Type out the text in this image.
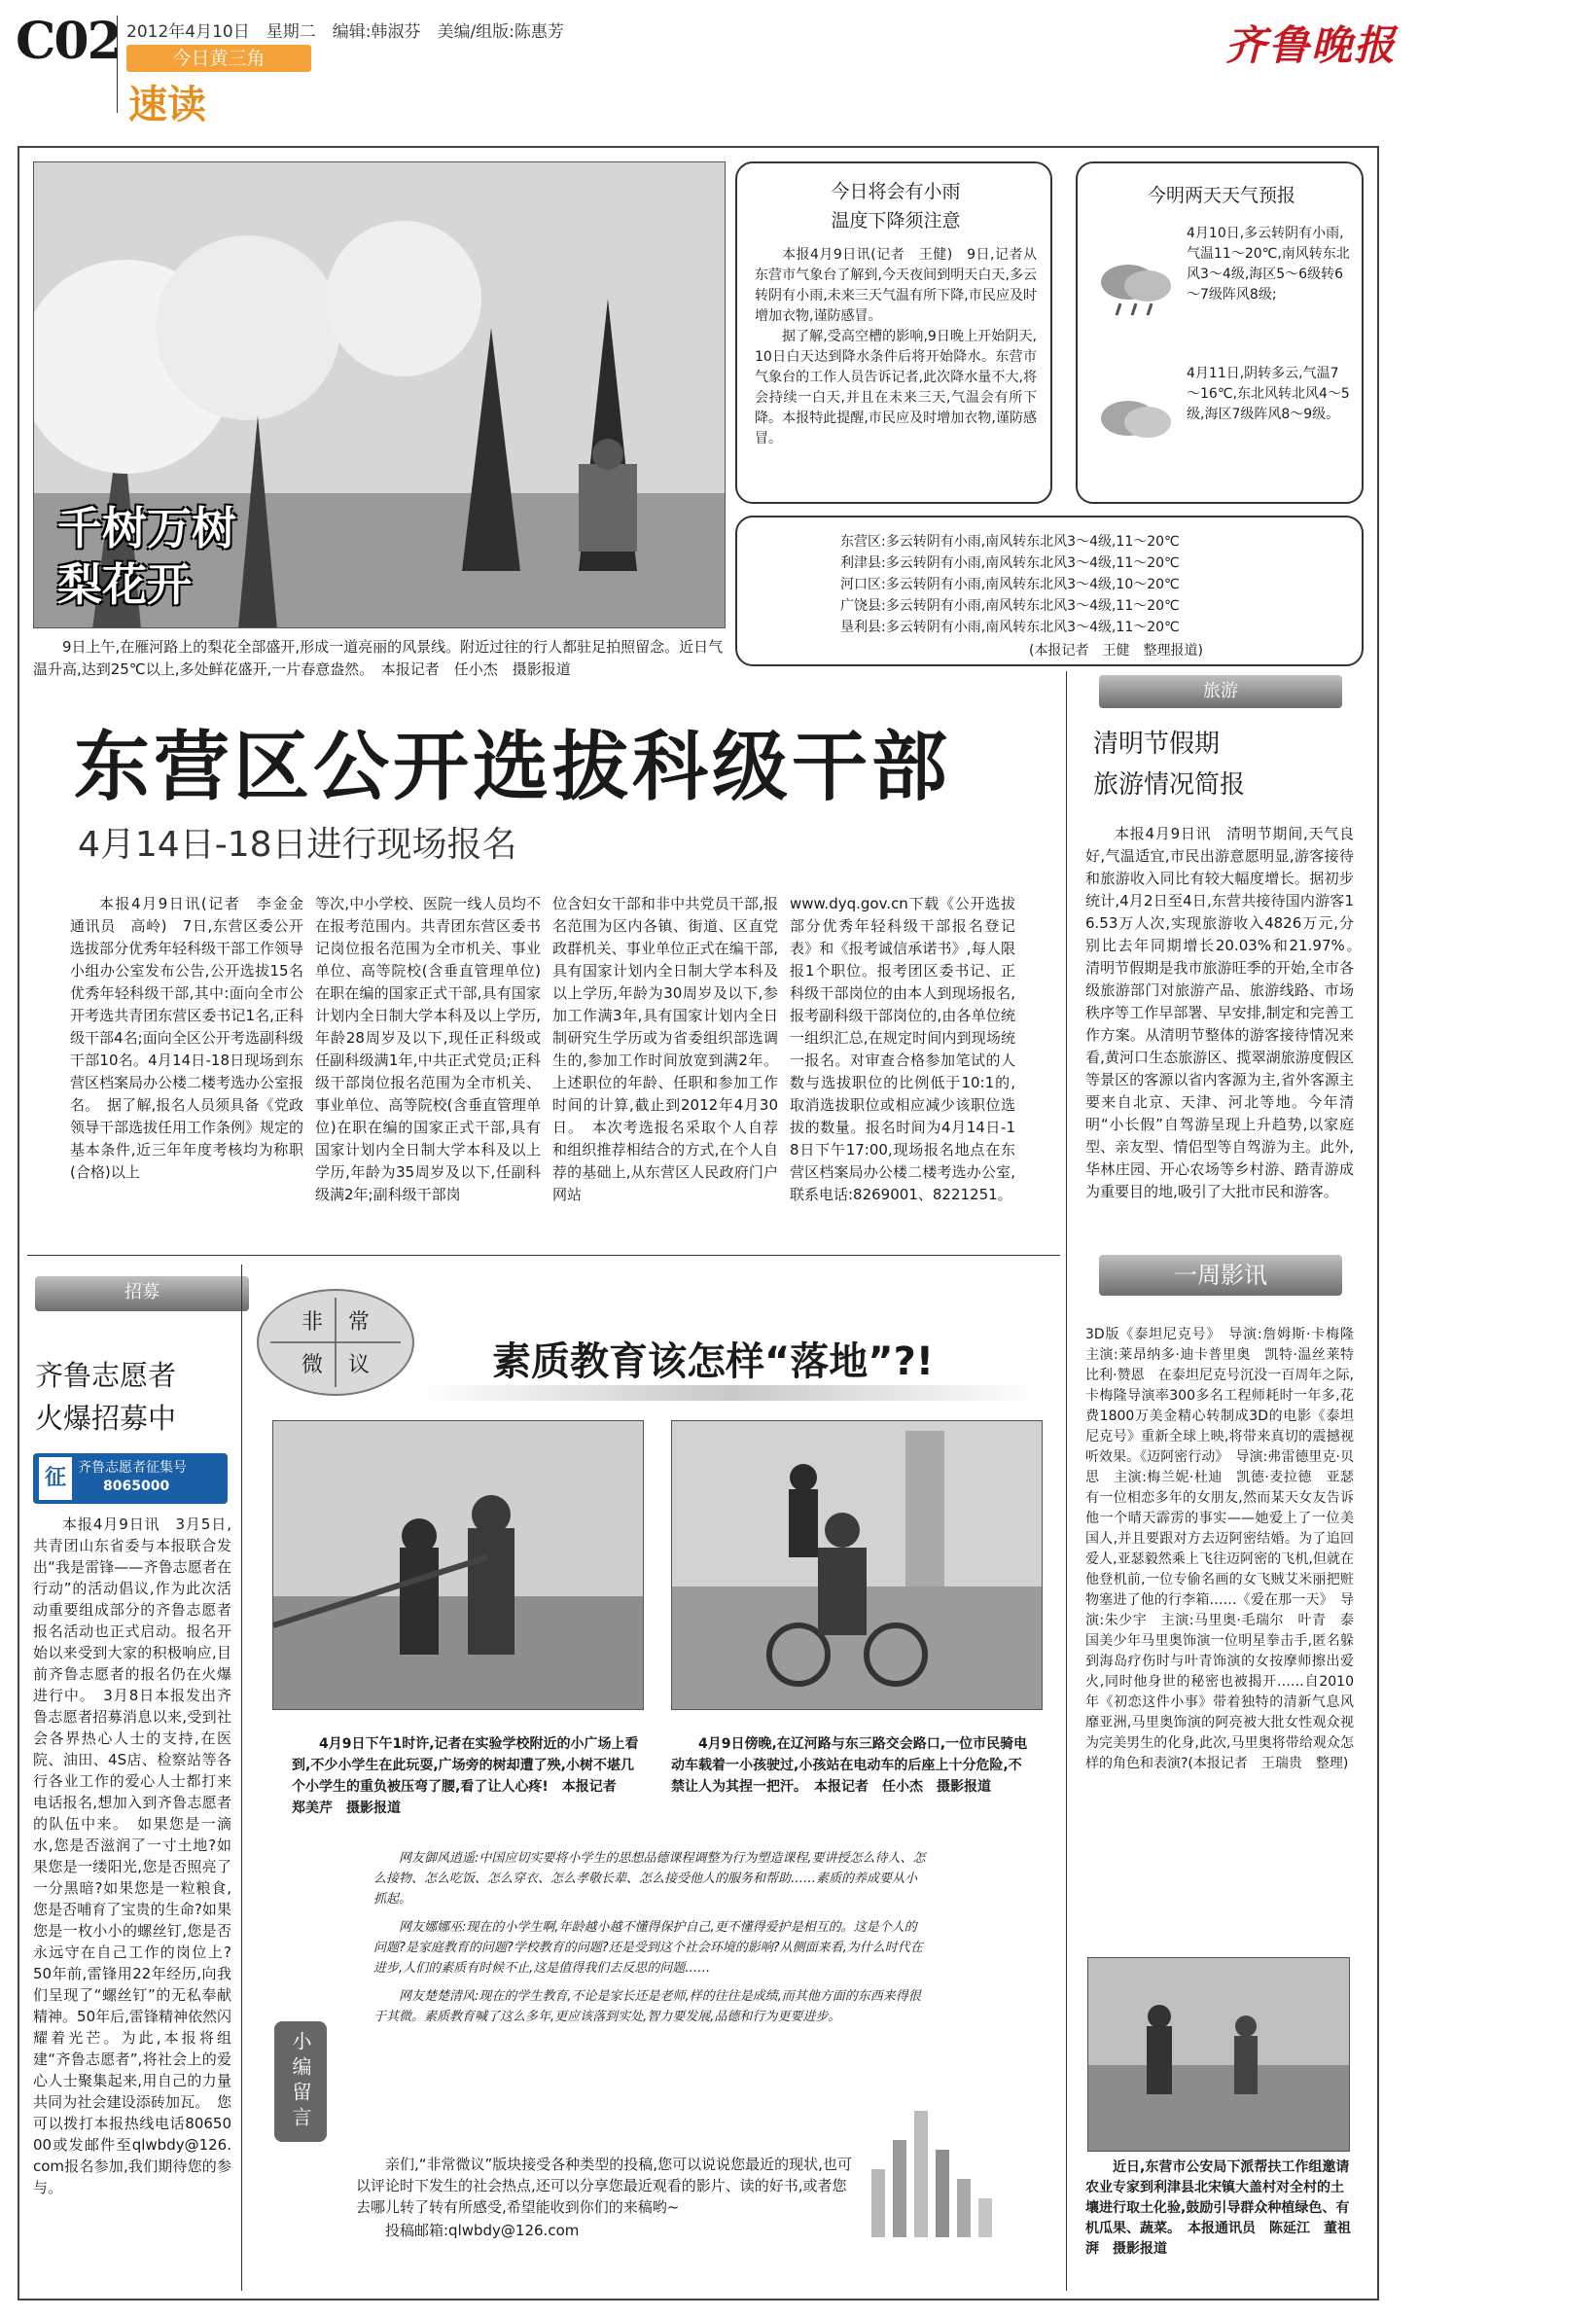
C02 2012年4月10日　星期二　编辑:韩淑芬　美编/组版:陈惠芳
今日黄三角
速读
齐鲁晚报
千树万树
梨花开
9日上午,在雁河路上的梨花全部盛开,形成一道亮丽的风景线。附近过往的行人都驻足拍照留念。近日气温升高,达到25℃以上,多处鲜花盛开,一片春意盎然。　本报记者　任小杰　摄影报道
今日将会有小雨
温度下降须注意

本报4月9日讯(记者　王健)　9日,记者从东营市气象台了解到,今天夜间到明天白天,多云转阴有小雨,未来三天气温有所下降,市民应及时增加衣物,谨防感冒。

据了解,受高空槽的影响,9日晚上开始阴天,10日白天达到降水条件后将开始降水。东营市气象台的工作人员告诉记者,此次降水量不大,将会持续一白天,并且在未来三天,气温会有所下降。本报特此提醒,市民应及时增加衣物,谨防感冒。

今明两天天气预报
4月10日,多云转阴有小雨,气温11～20℃,南风转东北风3～4级,海区5～6级转6～7级阵风8级;
4月11日,阴转多云,气温7～16℃,东北风转北风4～5级,海区7级阵风8～9级。
东营区:多云转阴有小雨,南风转东北风3～4级,11～20℃
利津县:多云转阴有小雨,南风转东北风3～4级,11～20℃
河口区:多云转阴有小雨,南风转东北风3～4级,10～20℃
广饶县:多云转阴有小雨,南风转东北风3～4级,11～20℃
垦利县:多云转阴有小雨,南风转东北风3～4级,11～20℃
(本报记者　王健　整理报道)
东营区公开选拔科级干部
4月14日-18日进行现场报名

本报4月9日讯(记者　李金金　通讯员　高岭)　7日,东营区委公开选拔部分优秀年轻科级干部工作领导小组办公室发布公告,公开选拔15名优秀年轻科级干部,其中:面向全市公开考选共青团东营区委书记1名,正科级干部4名;面向全区公开考选副科级干部10名。4月14日-18日现场到东营区档案局办公楼二楼考选办公室报名。　据了解,报名人员须具备《党政领导干部选拔任用工作条例》规定的基本条件,近三年年度考核均为称职(合格)以上

等次,中小学校、医院一线人员均不在报考范围内。共青团东营区委书记岗位报名范围为全市机关、事业单位、高等院校(含垂直管理单位)在职在编的国家正式干部,具有国家计划内全日制大学本科及以上学历,年龄28周岁及以下,现任正科级或任副科级满1年,中共正式党员;正科级干部岗位报名范围为全市机关、事业单位、高等院校(含垂直管理单位)在职在编的国家正式干部,具有国家计划内全日制大学本科及以上学历,年龄为35周岁及以下,任副科级满2年;副科级干部岗

位含妇女干部和非中共党员干部,报名范围为区内各镇、街道、区直党政群机关、事业单位正式在编干部,具有国家计划内全日制大学本科及以上学历,年龄为30周岁及以下,参加工作满3年,具有国家计划内全日制研究生学历或为省委组织部选调生的,参加工作时间放宽到满2年。上述职位的年龄、任职和参加工作时间的计算,截止到2012年4月30日。　本次考选报名采取个人自荐和组织推荐相结合的方式,在个人自荐的基础上,从东营区人民政府门户网站

www.dyq.gov.cn下载《公开选拔部分优秀年轻科级干部报名登记表》和《报考诚信承诺书》,每人限报1个职位。报考团区委书记、正科级干部岗位的由本人到现场报名,报考副科级干部岗位的,由各单位统一组织汇总,在规定时间内到现场统一报名。对审查合格参加笔试的人数与选拔职位的比例低于10:1的,取消选拔职位或相应减少该职位选拔的数量。报名时间为4月14日-18日下午17:00,现场报名地点在东营区档案局办公楼二楼考选办公室,联系电话:8269001、8221251。

旅游
清明节假期
旅游情况简报

本报4月9日讯　清明节期间,天气良好,气温适宜,市民出游意愿明显,游客接待和旅游收入同比有较大幅度增长。据初步统计,4月2日至4日,东营共接待国内游客16.53万人次,实现旅游收入4826万元,分别比去年同期增长20.03%和21.97%。　清明节假期是我市旅游旺季的开始,全市各级旅游部门对旅游产品、旅游线路、市场秩序等工作早部署、早安排,制定和完善工作方案。从清明节整体的游客接待情况来看,黄河口生态旅游区、揽翠湖旅游度假区等景区的客源以省内客源为主,省外客源主要来自北京、天津、河北等地。今年清明“小长假”自驾游呈现上升趋势,以家庭型、亲友型、情侣型等自驾游为主。此外,华林庄园、开心农场等乡村游、踏青游成为重要目的地,吸引了大批市民和游客。

一周影讯

3D版《泰坦尼克号》　导演:詹姆斯·卡梅隆　主演:莱昂纳多·迪卡普里奥　凯特·温丝莱特　比利·赞恩　在泰坦尼克号沉没一百周年之际,卡梅隆导演率300多名工程师耗时一年多,花费1800万美金精心转制成3D的电影《泰坦尼克号》重新全球上映,将带来真切的震撼视听效果。《迈阿密行动》　导演:弗雷德里克·贝思　主演:梅兰妮·杜迪　凯德·麦拉德　亚瑟有一位相恋多年的女朋友,然而某天女友告诉他一个晴天霹雳的事实——她爱上了一位美国人,并且要跟对方去迈阿密结婚。为了追回爱人,亚瑟毅然乘上飞往迈阿密的飞机,但就在他登机前,一位专偷名画的女飞贼艾米丽把赃物塞进了他的行李箱……《爱在那一天》　导演:朱少宇　主演:马里奥·毛瑞尔　叶青　泰国美少年马里奥饰演一位明星拳击手,匿名躲到海岛疗伤时与叶青饰演的女按摩师擦出爱火,同时他身世的秘密也被揭开……自2010年《初恋这件小事》带着独特的清新气息风靡亚洲,马里奥饰演的阿亮被大批女性观众视为完美男生的化身,此次,马里奥将带给观众怎样的角色和表演?(本报记者　王瑞贵　整理)

近日,东营市公安局下派帮扶工作组邀请农业专家到利津县北宋镇大盖村对全村的土壤进行取土化验,鼓励引导群众种植绿色、有机瓜果、蔬菜。　本报通讯员　陈延江　董祖湃　摄影报道
招募
齐鲁志愿者
火爆招募中
征 齐鲁志愿者征集号
8065000

本报4月9日讯　3月5日,共青团山东省委与本报联合发出“我是雷锋——齐鲁志愿者在行动”的活动倡议,作为此次活动重要组成部分的齐鲁志愿者报名活动也正式启动。报名开始以来受到大家的积极响应,目前齐鲁志愿者的报名仍在火爆进行中。　3月8日本报发出齐鲁志愿者招募消息以来,受到社会各界热心人士的支持,在医院、油田、4S店、检察站等各行各业工作的爱心人士都打来电话报名,想加入到齐鲁志愿者的队伍中来。　如果您是一滴水,您是否滋润了一寸土地?如果您是一缕阳光,您是否照亮了一分黑暗?如果您是一粒粮食,您是否哺育了宝贵的生命?如果您是一枚小小的螺丝钉,您是否永远守在自己工作的岗位上?　50年前,雷锋用22年经历,向我们呈现了“螺丝钉”的无私奉献精神。50年后,雷锋精神依然闪耀着光芒。为此,本报将组建“齐鲁志愿者”,将社会上的爱心人士聚集起来,用自己的力量共同为社会建设添砖加瓦。　您可以拨打本报热线电话8065000或发邮件至qlwbdy@126.com报名参加,我们期待您的参与。

非 常
微 议	素质教育该怎样“落地”?!
4月9日下午1时许,记者在实验学校附近的小广场上看到,不少小学生在此玩耍,广场旁的树却遭了殃,小树不堪几个小学生的重负被压弯了腰,看了让人心疼!　本报记者　郑美芹　摄影报道
4月9日傍晚,在辽河路与东三路交会路口,一位市民骑电动车载着一小孩驶过,小孩站在电动车的后座上十分危险,不禁让人为其捏一把汗。　本报记者　任小杰　摄影报道

网友御风逍遥:中国应切实要将小学生的思想品德课程调整为行为塑造课程,要讲授怎么待人、怎么接物、怎么吃饭、怎么穿衣、怎么孝敬长辈、怎么接受他人的服务和帮助……素质的养成要从小抓起。

网友娜娜巫:现在的小学生啊,年龄越小越不懂得保护自己,更不懂得爱护是相互的。这是个人的问题?是家庭教育的问题?学校教育的问题?还是受到这个社会环境的影响?从侧面来看,为什么时代在进步,人们的素质有时候不止,这是值得我们去反思的问题……

网友楚楚清风:现在的学生教育,不论是家长还是老师,样的往往是成绩,而其他方面的东西来得很于其微。素质教育喊了这么多年,更应该落到实处,智力要发展,品德和行为更要进步。

小编留言
亲们,“非常微议”版块接受各种类型的投稿,您可以说说您最近的现状,也可以评论时下发生的社会热点,还可以分享您最近观看的影片、读的好书,或者您去哪儿转了转有所感受,希望能收到你们的来稿哟~
投稿邮箱:qlwbdy@126.com
